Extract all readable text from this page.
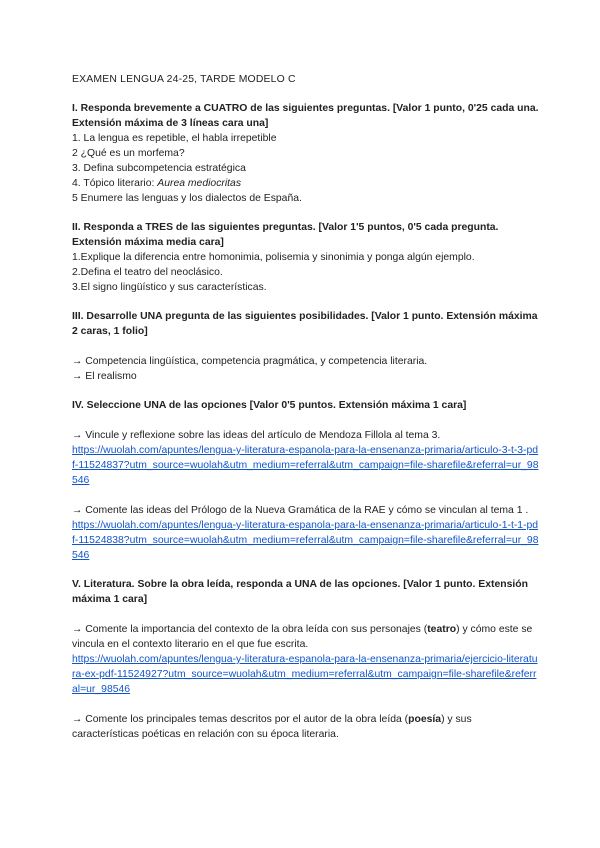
EXAMEN LENGUA 24-25, TARDE MODELO C

I. Responda brevemente a CUATRO de las siguientes preguntas. [Valor 1 punto, 0'25 cada una. Extensión máxima de 3 líneas cara una]

1. La lengua es repetible, el habla irrepetible

2 ¿Qué es un morfema?

3. Defina subcompetencia estratégica

4. Tópico literario: Aurea mediocritas

5 Enumere las lenguas y los dialectos de España.

II. Responda a TRES de las siguientes preguntas. [Valor 1'5 puntos, 0'5 cada pregunta. Extensión máxima media cara]

1.Explique la diferencia entre homonimia, polisemia y sinonimia y ponga algún ejemplo.

2.Defina el teatro del neoclásico.

3.El signo lingüístico y sus características.

III. Desarrolle UNA pregunta de las siguientes posibilidades. [Valor 1 punto. Extensión máxima 2 caras, 1 folio]

→ Competencia lingüística, competencia pragmática, y competencia literaria.

→ El realismo

IV. Seleccione UNA de las opciones [Valor 0'5 puntos. Extensión máxima 1 cara]

→ Vincule y reflexione sobre las ideas del artículo de Mendoza Fillola al tema 3.

https://wuolah.com/apuntes/lengua-y-literatura-espanola-para-la-ensenanza-primaria/articulo-3-t-3-pdf-11524837?utm_source=wuolah&utm_medium=referral&utm_campaign=file-sharefile&referral=ur_98546

→ Comente las ideas del Prólogo de la Nueva Gramática de la RAE y cómo se vinculan al tema 1 .

https://wuolah.com/apuntes/lengua-y-literatura-espanola-para-la-ensenanza-primaria/articulo-1-t-1-pdf-11524838?utm_source=wuolah&utm_medium=referral&utm_campaign=file-sharefile&referral=ur_98546

V. Literatura. Sobre la obra leída, responda a UNA de las opciones. [Valor 1 punto. Extensión máxima 1 cara]

→ Comente la importancia del contexto de la obra leída con sus personajes (teatro) y cómo este se vincula en el contexto literario en el que fue escrita.

https://wuolah.com/apuntes/lengua-y-literatura-espanola-para-la-ensenanza-primaria/ejercicio-literatura-ex-pdf-11524927?utm_source=wuolah&utm_medium=referral&utm_campaign=file-sharefile&referral=ur_98546

→ Comente los principales temas descritos por el autor de la obra leída (poesía) y sus características poéticas en relación con su época literaria.
